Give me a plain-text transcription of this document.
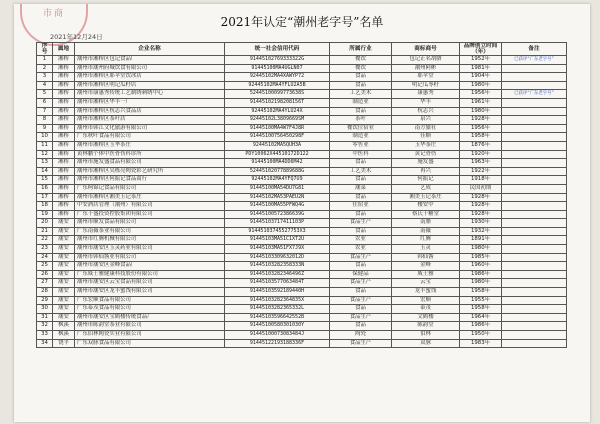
市商
2021年认定“潮州老字号”名单
2021年12月24日
序号	属地	企业名称	统一社会信用代码	所属行业	商标商号	品牌创立时间（年）	备注
1	湘桥	潮州市湘桥区包记食品厂	91445102769333322G	餐饮	包记正名胡腊	1952年	已获评“广东老字号”
2	湘桥	潮州市潮州府城饮食有限公司	91445100MA4UGLN07	餐饮	潮州阿彬	1981年	
3	湘桥	潮州市湘桥区耶苹堂饮冰店	92445102MA4XAWYP72	食品	耶苹堂	1904年	
4	湘桥	潮州市湘桥区明记瓜籽店	92445102MA4YFLU2A5B	食品	明记瓜枣籽	1980年	
5	湘桥	潮州市康惠秀传统工艺制绣刺绣中心	52445100099773638S	工艺美术	康惠秀	1956年	已获评“广东老字号”
6	湘桥	潮州市湘桥区华丰一厂	91445102198208156T	制造业	华丰	1961年	
7	湘桥	潮州市湘桥区杭志兴食品店	92445102MA4YLU24X	食品	杭志兴	1980年	
8	湘桥	潮州市湘桥区茶叶店	92445102L3809669SM	茶叶	泉兴	1928年	
9	湘桥	潮州市韩江文化旅游有限公司	91445100MA4W7F4J8R	餐饮住宿业	南方旅社	1956年	
10	湘桥	广东秋叶食品有限公司	91445100756450298F	制造业	佳顺	1958年	
11	湘桥	潮州市湘桥区玉华茶庄	92445102MA5QUH3A	零售业	玉华茶庄	1876年	
12	湘桥	黄林鹏个体中医骨伤科诊所	PDY10062X44510172D122	中医科	黄记骨伤	1920年	
13	湘桥	潮州市施发盛食品有限公司	91445100MA4DD6M42	食品	施发盛	1963年	
14	湘桥	潮州市湘桥区吴栋亮陶瓷彩艺研究所	52445102077889688G	工艺美术	再兴	1922年	
15	湘桥	潮州市湘桥区何振记食品商行	92445102MA4YFQ7U9	食品	何振记	1918年	
16	湘桥	广东柯锦记食品有限公司	91445100MA54DU7G81	潮菜	艺成	民国初期	
17	湘桥	潮州市湘桥区湘美玉记茶庄	91445102MA53PAEU2N	食品	湘美玉记茶庄	1928年	
18	湘桥	中安酒店管理（潮州）有限公司	91445100MA55PFWQ4G	住宿业	楼安中	1928年	
19	湘桥	广东千盛投资控股集团有限公司	91445100572386639G	食品	蔡氏千糖堂	1928年	
20	潮安	潮州市顺发食品有限公司	91445103717411103P	食品生产	南腊	1930年	
21	潮安	广东南薇茶业有限公司	91445103745527753X3	食品	南薇	1932年	
22	潮安	潮州市红腾机械有限公司	91445103MA51C1XT2U	农业	红腾	1891年	
23	潮安	潮州市潮安区玉灵药业有限公司	91445103MA51FX7J9X	农业	玉灵	1980年	
24	潮安	潮州市韩仙酱业有限公司	91445103309632012D	食品生产	韩仙酱	1985年	
25	潮安	潮州市潮安区金峰食品厂	91445103282358333N	食品	金峰	1960年	
26	潮安	广东威士雅健康科技股份有限公司	91445103282346496Z	保健品	威士雅	1986年	
27	潮安	潮州市潮安区云宝食品有限公司	91445103577063484T	食品生产	云宝	1980年	
28	潮安	潮州市潮安区龙丰蜜饯有限公司	91445103592189440H	食品	龙丰蜜饯	1958年	
29	潮安	广东宏顺食品有限公司	91445103282364835X	食品生产	宏顺	1955年	
30	潮安	广东泰茂食品有限公司	91445103282365332L	食品	泰茂	1958年	
31	潮安	潮州市潮安区宝鹤楼传统食品厂	91445103596642552B	食品生产	文鹤楼	1964年	
32	枫溪	潮州市陈韵堂茶业有限公司	91445100580301030Y	食品	陈韵堂	1986年	
33	枫溪	广东伯林陶瓷实业有限公司	91445100073083484J	陶瓷	伯林	1950年	
34	饶平	广东双脉食品有限公司	91445122193188336F	食品生产	双脉	1983年	
